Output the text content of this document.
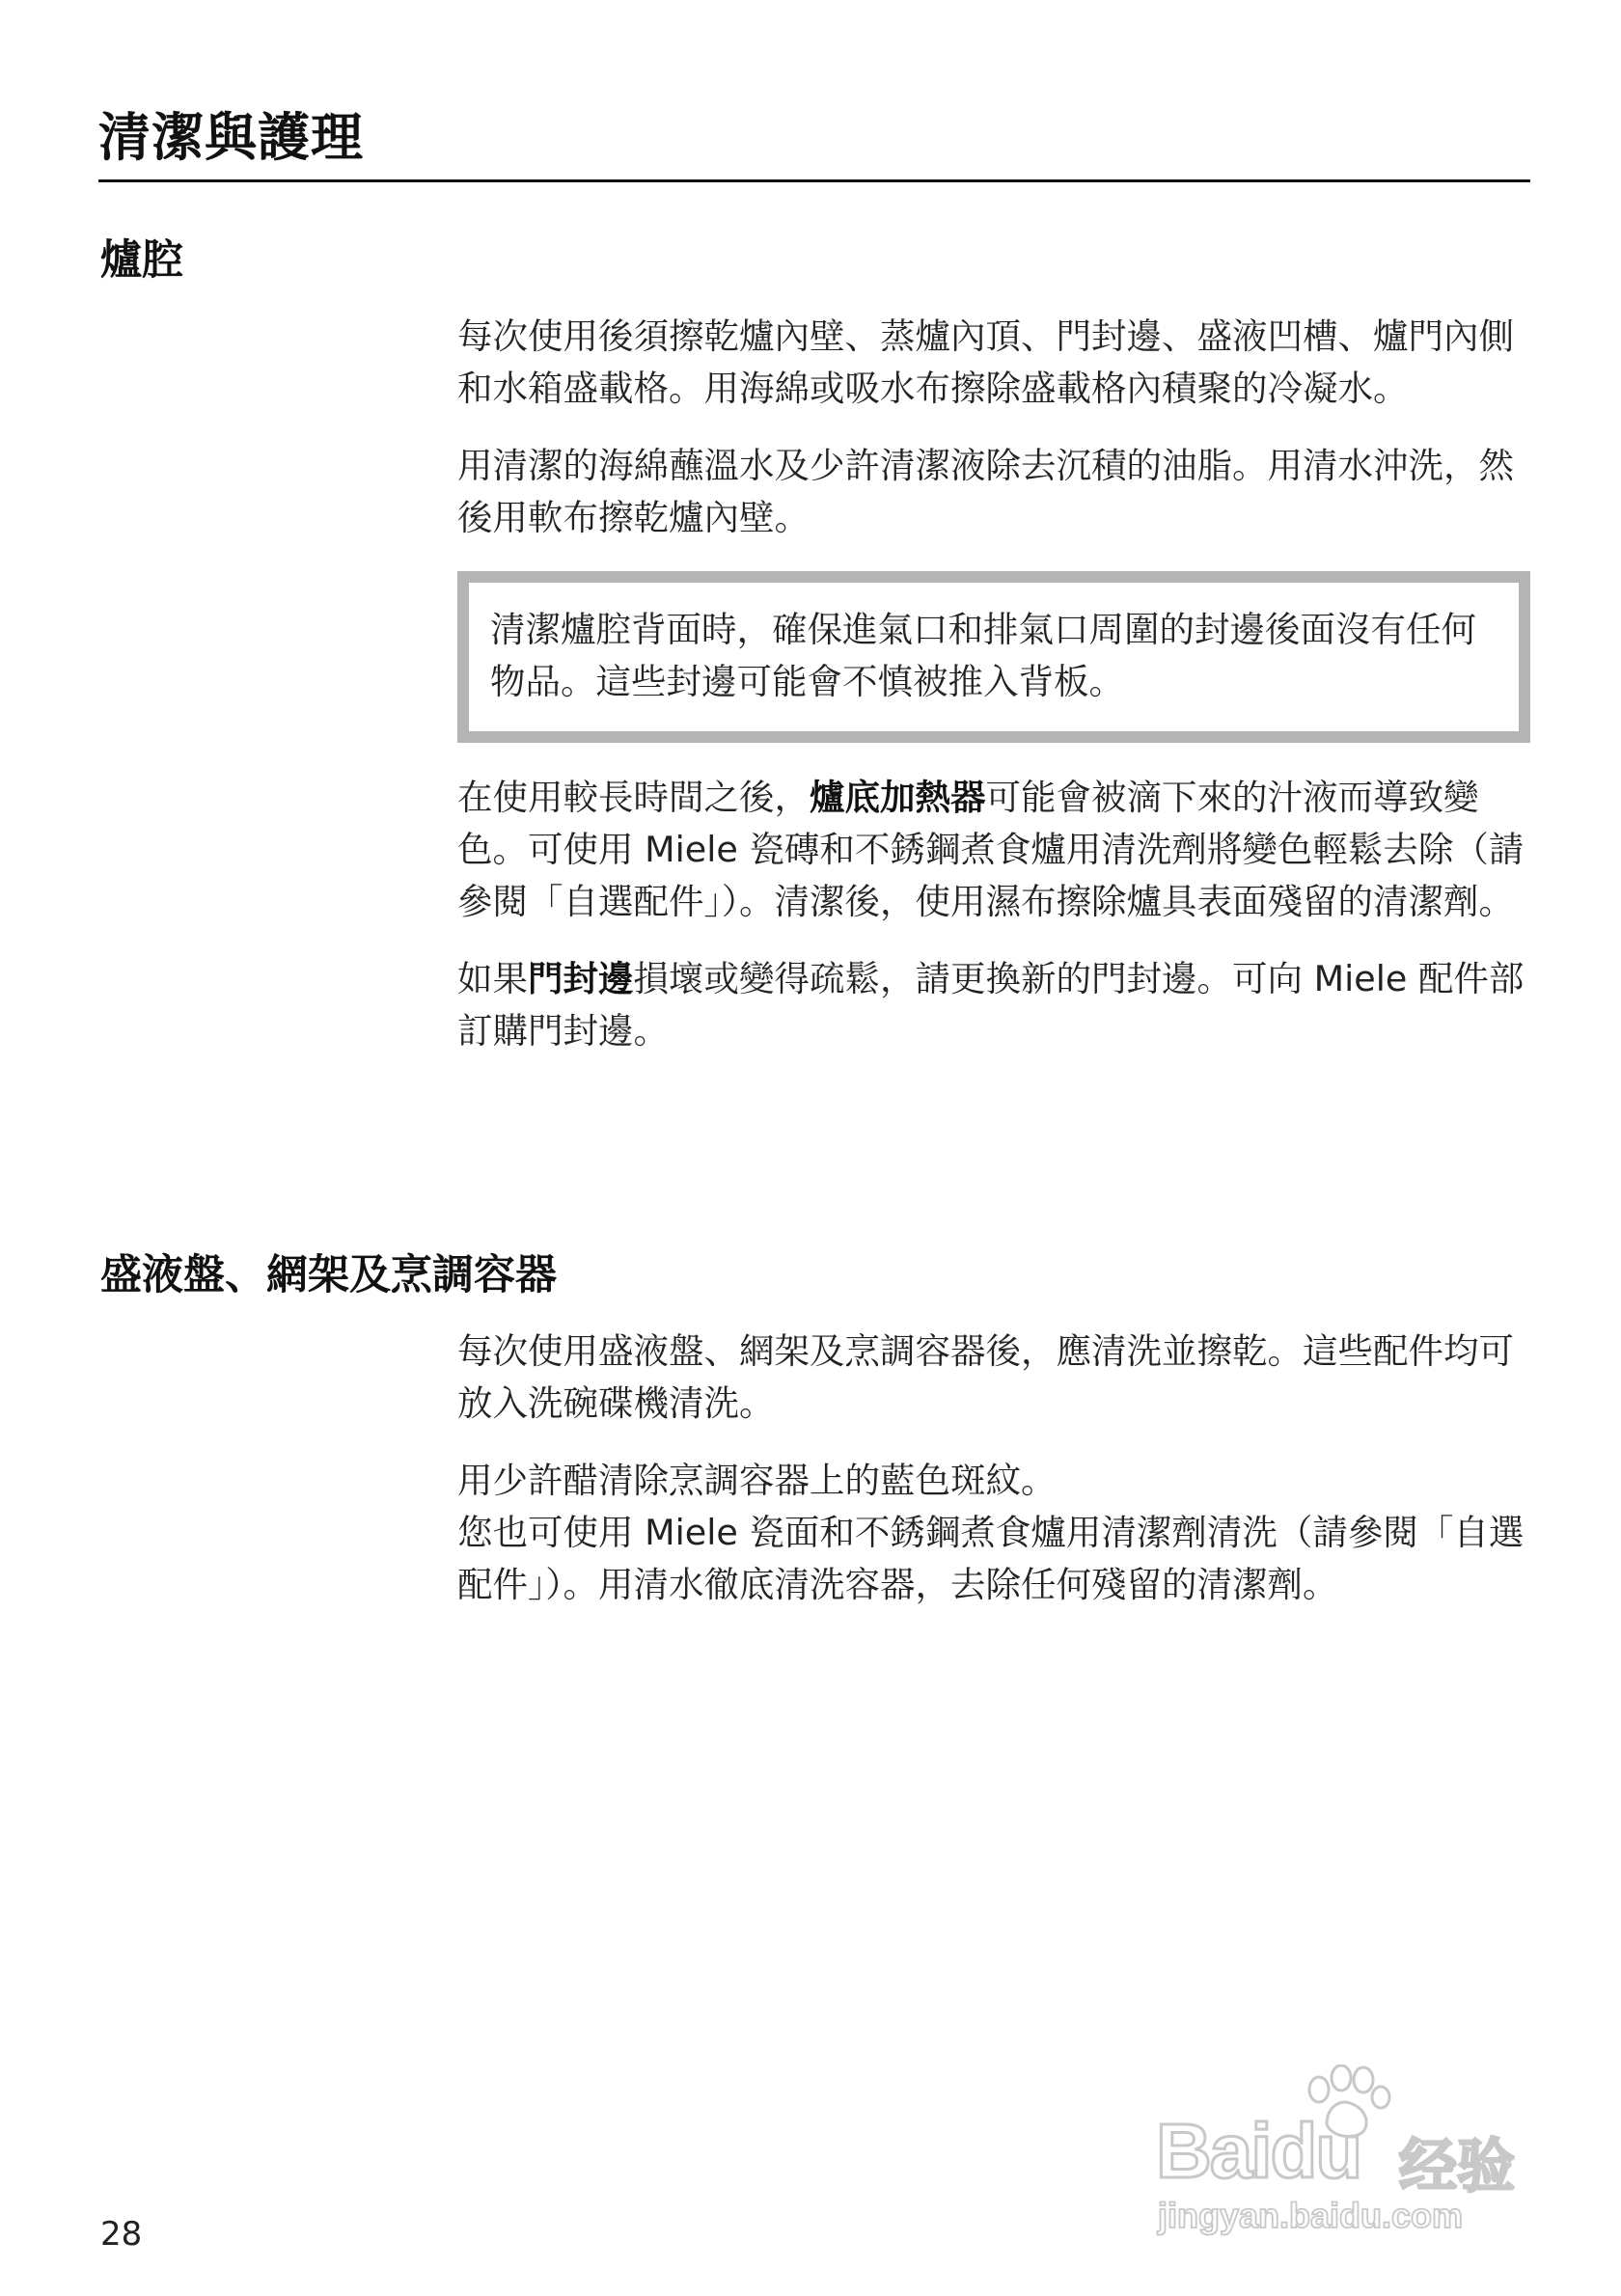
清潔與護理
爐腔

每次使用後須擦乾爐內壁、蒸爐內頂、門封邊、盛液凹槽、爐門內側和水箱盛載格。用海綿或吸水布擦除盛載格內積聚的冷凝水。

用清潔的海綿蘸溫水及少許清潔液除去沉積的油脂。用清水沖洗，然後用軟布擦乾爐內壁。

清潔爐腔背面時，確保進氣口和排氣口周圍的封邊後面沒有任何物品。這些封邊可能會不慎被推入背板。

在使用較長時間之後，爐底加熱器可能會被滴下來的汁液而導致變色。可使用 Miele 瓷磚和不銹鋼煮食爐用清洗劑將變色輕鬆去除（請參閱「自選配件」）。清潔後，使用濕布擦除爐具表面殘留的清潔劑。

如果門封邊損壞或變得疏鬆，請更換新的門封邊。可向 Miele 配件部訂購門封邊。

盛液盤、網架及烹調容器

每次使用盛液盤、網架及烹調容器後，應清洗並擦乾。這些配件均可放入洗碗碟機清洗。

用少許醋清除烹調容器上的藍色斑紋。
您也可使用 Miele 瓷面和不銹鋼煮食爐用清潔劑清洗（請參閱「自選配件」）。用清水徹底清洗容器，去除任何殘留的清潔劑。

28
Baidu 经验
jingyan.baidu.com
